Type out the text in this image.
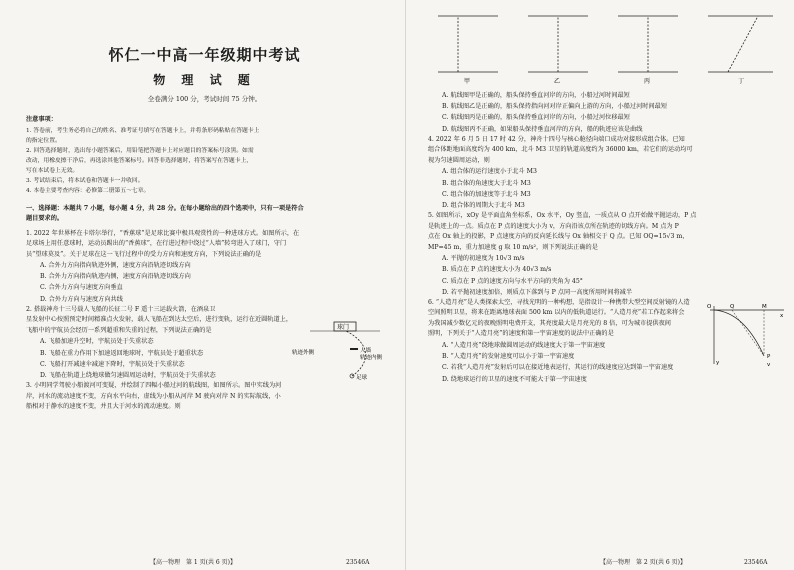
怀仁一中高一年级期中考试
物 理 试 题
全卷满分 100 分，考试时间 75 分钟。
注意事项：
1. 答卷前，考生务必将自己的姓名、准考证号填写在答题卡上，并将条形码粘贴在答题卡上
的指定位置。
2. 回答选择题时，选出每小题答案后，用铅笔把答题卡上对应题目的答案标号涂黑。如需
改动，用橡皮擦干净后，再选涂其他答案标号。回答非选择题时，将答案写在答题卡上，
写在本试卷上无效。
3. 考试结束后，将本试卷和答题卡一并收回。
4. 本卷主要考查内容：必修第二册第五～七章。
一、选择题：本题共 7 小题，每小题 4 分，共 28 分。在每小题给出的四个选项中，只有一项是符合
题目要求的。
1. 2022 年世界杯在卡塔尔举行，“香蕉球”是足球比赛中极具观赏性的一种进球方式。如图所示，在
足球场上用任意球时，运动员踢出的“香蕉球”，在行进过程中绕过“人墙”转弯进入了球门，守门
员“望球莫及”。关于足球在这一飞行过程中的受力方向和速度方向，下列说法正确的是
A. 合外力方向指向轨迹外侧，速度方向沿轨迹切线方向
B. 合外力方向指向轨迹内侧，速度方向沿轨迹切线方向
C. 合外力方向与速度方向垂直
D. 合外力方向与速度方向共线
2. 搭载神舟十三号载人飞船的长征二号 F 遥十三运载火箭，在酒泉卫
星发射中心按照预定时间精准点火发射，载人飞船在到达太空后，进行变轨，运行在近圆轨道上，
飞船中的宇航员会经历一系列超重和失重的过程，下列说法正确的是
A. 飞船加速升空时，宇航员处于失重状态
B. 飞船在重力作用下加速返回地球时，宇航员处于超重状态
C. 飞船打开减速伞减速下降时，宇航员处于失重状态
D. 飞船在轨道上绕地球做匀速圆周运动时，宇航员处于失重状态
3. 小明同学驾驶小船渡河可变疑，并绘制了四幅小船过河的航线图，如图所示。图中实线为河
岸，河水的流动速度不变，方向水平向右，虚线为小船从河岸 M 驶向对岸 N 的实际航线，小
船相对于静水的速度不变，并且大于河水的流动速度。则
球门
人墙
轨迹内侧
轨迹外侧
足球
【高一物理　第 1 页(共 6 页)】	23546A
甲	乙	丙	丁
A. 航线图甲是正确的，船头保持垂直河岸的方向，小船过河时间最短
B. 航线图乙是正确的，船头保持指向河对岸正偏向上游的方向，小船过河时间最短
C. 航线图丙是正确的，船头保持垂直河岸的方向，小船过河位移最短
D. 航线图丙不正确，如果船头保持垂直河岸的方向，船的轨迹应该是曲线
4. 2022 年 6 月 5 日 17 时 42 分，神舟十四号与核心舱径向端口成功对接形成组合体。已知
组合体距地面高度约为 400 km，北斗 M3 卫星的轨道高度约为 36000 km，若它们的运动均可
视为匀速圆周运动，则
A. 组合体的运行速度小于北斗 M3
B. 组合体的角速度大于北斗 M3
C. 组合体的加速度等于北斗 M3
D. 组合体的周期大于北斗 M3
5. 如图所示，xOy 是平面直角坐标系，Ox 水平，Oy 竖直，一质点从 O 点开始做平抛运动，P 点
是轨迹上的一点。质点在 P 点的速度大小为 v，方向沿该点所在轨迹的切线方向。M 点为 P
点在 Ox 轴上的投影，P 点速度方向的反向延长线与 Ox 轴相交于 Q 点。已知 OQ=15√3 m，
MP=45 m，重力加速度 g 取 10 m/s²，则下列说法正确的是
A. 平抛的初速度为 10√3 m/s
B. 质点在 P 点的速度大小为 40√3 m/s
C. 质点在 P 点的速度方向与水平方向的夹角为 45°
D. 若平抛初速度加倍，则质点下落到与 P 点同一高度所用时间将减半
6. “人造月亮”是人类探索太空，寻找光明的一种构想，是指设计一种携带大型空间反射镜的人造
空间照明卫星，将来在距离地球表面 500 km 以内的低轨道运行。“人造月亮”若工作起来将会
为我国减少数亿元的夜晚照明电费开支，其亮度最大是月亮光的 8 倍，可为城市提供夜间
照明，下列关于“人造月亮”的速度和第一宇宙速度的说法中正确的是
A. “人造月亮”绕地球做圆周运动的线速度大于第一宇宙速度
B. “人造月亮”的发射速度可以小于第一宇宙速度
C. 若我“人造月亮”发射后可以在接近地表运行，其运行的线速度应达到第一宇宙速度
D. 绕地球运行的卫星的速度不可能大于第一宇宙速度
O	Q	M
x
y
P
v
【高一物理　第 2 页(共 6 页)】	23546A
